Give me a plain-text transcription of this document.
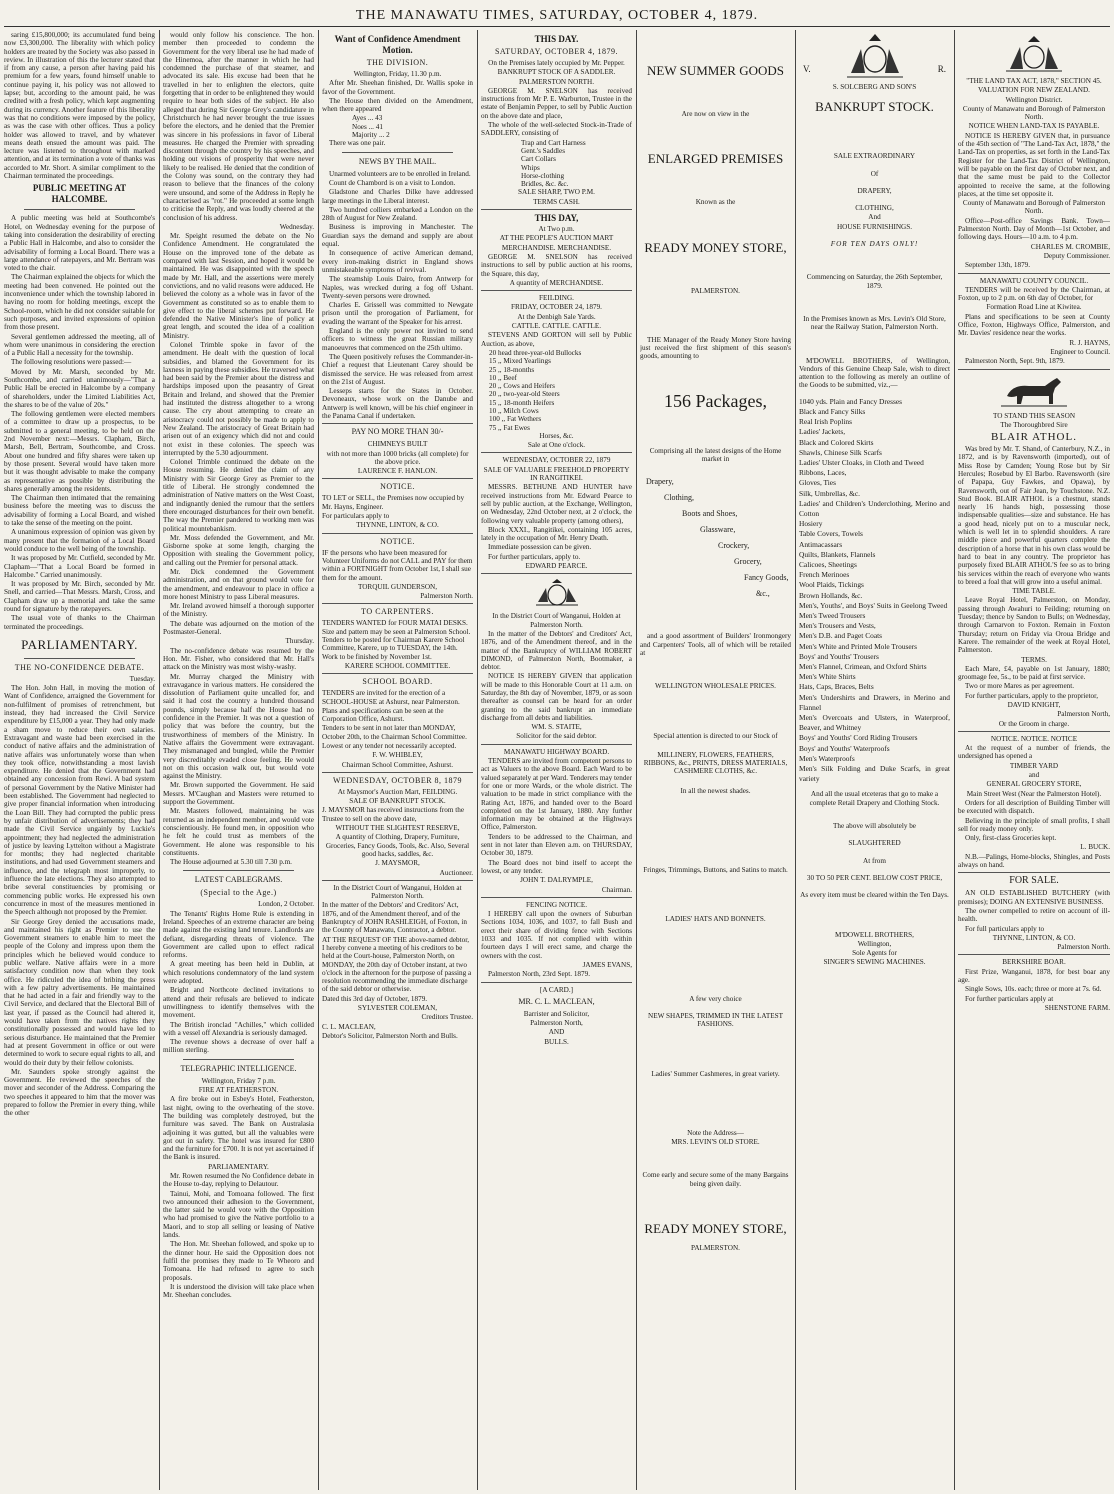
THE MANAWATU TIMES, SATURDAY, OCTOBER 4, 1879.

saring £15,800,000; its accumulated fund being now £3,300,000. The liberality with which policy holders are treated by the Society was also passed in review. In illustration of this the lecturer stated that if from any cause, a person after having paid his premium for a few years, found himself unable to continue paying it, his policy was not allowed to lapse; but, according to the amount paid, he was credited with a fresh policy, which kept augmenting during its currency. Another feature of this liberality was that no conditions were imposed by the policy, as was the case with other offices. Thus a policy holder was allowed to travel, and by whatever means death ensued the amount was paid. The lecture was listened to throughout with marked attention, and at its termination a vote of thanks was accorded to Mr. Short. A similar compliment to the Chairman terminated the proceedings.

PUBLIC MEETING AT HALCOMBE.

A public meeting was held at Southcombe's Hotel, on Wednesday evening for the purpose of taking into consideration the desirability of erecting a Public Hall in Halcombe, and also to consider the advisability of forming a Local Board. There was a large attendance of ratepayers, and Mr. Bertram was voted to the chair.

The Chairman explained the objects for which the meeting had been convened. He pointed out the inconvenience under which the township labored in having no room for holding meetings, except the School-room, which he did not consider suitable for such purposes, and invited expressions of opinion from those present.

Several gentlemen addressed the meeting, all of whom were unanimous in considering the erection of a Public Hall a necessity for the township.

The following resolutions were passed:—

Moved by Mr. Marsh, seconded by Mr. Southcombe, and carried unanimously—"That a Public Hall be erected in Halcombe by a company of shareholders, under the Limited Liabilities Act, the shares to be of the value of 20s."

The following gentlemen were elected members of a committee to draw up a prospectus, to be submitted to a general meeting, to be held on the 2nd November next:—Messrs. Clapham, Birch, Marsh, Bell, Bertram, Southcombe, and Cross. About one hundred and fifty shares were taken up by those present. Several would have taken more but it was thought advisable to make the company as representative as possible by distributing the shares generally among the residents.

The Chairman then intimated that the remaining business before the meeting was to discuss the advisability of forming a Local Board, and wished to take the sense of the meeting on the point.

A unanimous expression of opinion was given by many present that the formation of a Local Board would conduce to the well being of the township.

It was proposed by Mr. Cutfield, seconded by Mr. Clapham—"That a Local Board be formed in Halcombe." Carried unanimously.

It was proposed by Mr. Birch, seconded by Mr. Snell, and carried—That Messrs. Marsh, Cross, and Clapham draw up a memorial and take the same round for signature by the ratepayers.

The usual vote of thanks to the Chairman terminated the proceedings.

PARLIAMENTARY.
THE NO-CONFIDENCE DEBATE.

Tuesday.

The Hon. John Hall, in moving the motion of Want of Confidence, arraigned the Government for non-fulfilment of promises of retrenchment, but instead, they had increased the Civil Service expenditure by £15,000 a year. They had only made a sham move to reduce their own salaries. Extravagant and waste had been exercised in the conduct of native affairs and the administration of native affairs was unfortunately worse than when they took office, notwithstanding a most lavish expenditure. He denied that the Government had obtained any concession from Rewi. A bad system of personal Government by the Native Minister had been established. The Government had neglected to give proper financial information when introducing the Loan Bill. They had corrupted the public press by unfair distribution of advertisements; they had made the Civil Service ungainly by Luckie's appointment; they had neglected the administration of justice by leaving Lyttelton without a Magistrate for months; they had neglected charitable institutions, and had used Government steamers and influence, and the telegraph most improperly, to influence the late elections. They also attempted to bribe several constituencies by promising or commencing public works. He expressed his own concurrence in most of the measures mentioned in the Speech although not proposed by the Premier.

Sir George Grey denied the accusations made, and maintained his right as Premier to use the Government steamers to enable him to meet the people of the Colony and impress upon them the principles which he believed would conduce to public welfare. Native affairs were in a more satisfactory condition now than when they took office. He ridiculed the idea of bribing the press with a few paltry advertisements. He maintained that he had acted in a fair and friendly way to the Civil Service, and declared that the Electoral Bill of last year, if passed as the Council had altered it, would have taken from the natives rights they constitutionally possessed and would have led to serious disturbance. He maintained that the Premier had at present Government in office or out were determined to work to secure equal rights to all, and would do their duty by their fellow colonists.

Mr. Saunders spoke strongly against the Government. He reviewed the speeches of the mover and seconder of the Address. Comparing the two speeches it appeared to him that the mover was prepared to follow the Premier in every thing, while the other

would only follow his conscience. The hon. member then proceeded to condemn the Government for the very liberal use he had made of the Hinemoa, after the manner in which he had condemned the purchase of that steamer, and advocated its sale. His excuse had been that he travelled in her to enlighten the electors, quite forgetting that in order to be enlightened they would require to hear both sides of the subject. He also alleged that during Sir George Grey's candidature in Christchurch he had never brought the true issues before the electors, and he denied that the Premier was sincere in his professions in favor of Liberal measures. He charged the Premier with spreading discontent through the country by his speeches, and holding out visions of prosperity that were never likely to be realised. He denied that the condition of the Colony was sound, on the contrary they had reason to believe that the finances of the colony were unsound, and some of the Address in Reply he characterised as "rot." He proceeded at some length to criticise the Reply, and was loudly cheered at the conclusion of his address.

Wednesday.

Mr. Speight resumed the debate on the No Confidence Amendment. He congratulated the House on the improved tone of the debate as compared with last Session, and hoped it would be maintained. He was disappointed with the speech made by Mr. Hall, and the assertions were merely convictions, and no valid reasons were adduced. He believed the colony as a whole was in favor of the Government as constituted so as to enable them to give effect to the liberal schemes put forward. He defended the Native Minister's line of policy at great length, and scouted the idea of a coalition Ministry.

Colonel Trimble spoke in favor of the amendment. He dealt with the question of local subsidies, and blamed the Government for its laxness in paying these subsidies. He traversed what had been said by the Premier about the distress and hardships imposed upon the peasantry of Great Britain and Ireland, and showed that the Premier had instituted the distress altogether to a wrong cause. The cry about attempting to create an aristocracy could not possibly be made to apply to New Zealand. The aristocracy of Great Britain had arisen out of an exigency which did not and could not exist in these colonies. The speech was interrupted by the 5.30 adjournment.

Colonel Trimble continued the debate on the House resuming. He denied the claim of any Ministry with Sir George Grey as Premier to the title of Liberal. He strongly condemned the administration of Native matters on the West Coast, and indignantly denied the rumour that the settlers there encouraged disturbances for their own benefit. The way the Premier pandered to working men was political mountebankism.

Mr. Moss defended the Government, and Mr. Gisborne spoke at some length, charging the Opposition with stealing the Government policy, and calling out the Premier for personal attack.

Mr. Dick condemned the Government administration, and on that ground would vote for the amendment, and endeavour to place in office a more honest Ministry to pass Liberal measures.

Mr. Ireland avowed himself a thorough supporter of the Ministry.

The debate was adjourned on the motion of the Postmaster-General.

Thursday.

The no-confidence debate was resumed by the Hon. Mr. Fisher, who considered that Mr. Hall's attack on the Ministry was most wishy-washy.

Mr. Murray charged the Ministry with extravagance in various matters. He considered the dissolution of Parliament quite uncalled for, and said it had cost the country a hundred thousand pounds, simply because half the House had no confidence in the Premier. It was not a question of policy that was before the country, but the trustworthiness of members of the Ministry. In Native affairs the Government were extravagant. They mismanaged and bungled, while the Premier very discreditably evaded close feeling. He would not on this occasion walk out, but would vote against the Ministry.

Mr. Brown supported the Government. He said Messrs. M'Caughan and Masters were returned to support the Government.

Mr. Masters followed, maintaining he was returned as an independent member, and would vote conscientiously. He found men, in opposition who he felt he could trust as members of the Government. He alone was responsible to his constituents.

The House adjourned at 5.30 till 7.30 p.m.

LATEST CABLEGRAMS.
(Special to the Age.)

London, 2 October.

The Tenants' Rights Home Rule is extending in Ireland. Speeches of an extreme character are being made against the existing land tenure. Landlords are defiant, disregarding threats of violence. The Government are called upon to effect radical reforms.

A great meeting has been held in Dublin, at which resolutions condemnatory of the land system were adopted.

Bright and Northcote declined invitations to attend and their refusals are believed to indicate unwillingness to identify themselves with the movement.

The British ironclad "Achilles," which collided with a vessel off Alexandria is seriously damaged.

The revenue shows a decrease of over half a million sterling.

TELEGRAPHIC INTELLIGENCE.

Wellington, Friday 7 p.m.

FIRE AT FEATHERSTON.

A fire broke out in Esbey's Hotel, Featherston, last night, owing to the overheating of the stove. The building was completely destroyed, but the furniture was saved. The Bank on Australasia adjoining it was gutted, but all the valuables were got out in safety. The hotel was insured for £800 and the furniture for £700. It is not yet ascertained if the Bank is insured.

PARLIAMENTARY.

Mr. Rowen resumed the No Confidence debate in the House to-day, replying to Delautour.

Tainui, Mohi, and Tomoana followed. The first two announced their adhesion to the Government, the latter said he would vote with the Opposition who had promised to give the Native portfolio to a Maori, and to stop all selling or leasing of Native lands.

The Hon. Mr. Sheehan followed, and spoke up to the dinner hour. He said the Opposition does not fulfil the promises they made to Te Wheoro and Tomoana. He had refused to agree to such proposals.

It is understood the division will take place when Mr. Sheehan concludes.

Want of Confidence Amendment Motion.
THE DIVISION.

Wellington, Friday, 11.30 p.m.

After Mr. Sheehan finished, Dr. Wallis spoke in favor of the Government.

The House then divided on the Amendment, when there appeared

Ayes ... 43
Noes ... 41
Majority ... 2

There was one pair.

NEWS BY THE MAIL.

Unarmed volunteers are to be enrolled in Ireland.

Count de Chambord is on a visit to London.

Gladstone and Charles Dilke have addressed large meetings in the Liberal interest.

Two hundred colliers embarked a London on the 28th of August for New Zealand.

Business is improving in Manchester. The Guardian says the demand and supply are about equal.

In consequence of active American demand, every iron-making district in England shows unmistakeable symptoms of revival.

The steamship Louis Dairo, from Antwerp for Naples, was wrecked during a fog off Ushant. Twenty-seven persons were drowned.

Charles E. Grissell was committed to Newgate prison until the prorogation of Parliament, for evading the warrant of the Speaker for his arrest.

England is the only power not invited to send officers to witness the great Russian military manoeuvres that commenced on the 25th ultimo.

The Queen positively refuses the Commander-in-Chief a request that Lieutenant Carey should be dismissed the service. He was released from arrest on the 21st of August.

Lesseps starts for the States in October. Devoneaux, whose work on the Danube and Antwerp is well known, will be his chief engineer in the Panama Canal if undertaken.

PAY NO MORE THAN 30/-

CHIMNEYS BUILT

with not more than 1000 bricks (all complete) for the above price.

LAURENCE F. HANLON.

NOTICE.

TO LET or SELL, the Premises now occupied by Mr. Hayns, Engineer.

For particulars apply to

THYNNE, LINTON, & CO.

NOTICE.

IF the persons who have been measured for Volunteer Uniforms do not CALL and PAY for them within a FORTNIGHT from October 1st, I shall sue them for the amount.

TORQUIL GUNDERSON,

Palmerston North.

TO CARPENTERS.

TENDERS WANTED for FOUR MATAI DESKS. Size and pattern may be seen at Palmerston School. Tenders to be posted for Chairman Karere School Committee, Karere, up to TUESDAY, the 14th. Work to be finished by November 1st.

KARERE SCHOOL COMMITTEE.

SCHOOL BOARD.

TENDERS are invited for the erection of a SCHOOL-HOUSE at Ashurst, near Palmerston.

Plans and specifications can be seen at the Corporation Office, Ashurst.

Tenders to be sent in not later than MONDAY, October 20th, to the Chairman School Committee.

Lowest or any tender not necessarily accepted.

F. W. WHIBLEY,

Chairman School Committee, Ashurst.

WEDNESDAY, OCTOBER 8, 1879

At Maysmor's Auction Mart, FEILDING.

SALE OF BANKRUPT STOCK.

J. MAYSMOR has received instructions from the Trustee to sell on the above date,

WITHOUT THE SLIGHTEST RESERVE,

A quantity of Clothing, Drapery, Furniture, Groceries, Fancy Goods, Tools, &c. Also, Several good hacks, saddles, &c.

J. MAYSMOR,

Auctioneer.

In the District Court of Wanganui, Holden at Palmerston North.

In the matter of the Debtors' and Creditors' Act, 1876, and of the Amendment thereof, and of the Bankruptcy of JOHN RASHLEIGH, of Foxton, in the County of Manawatu, Contractor, a debtor.

AT THE REQUEST OF THE above-named debtor, I hereby convene a meeting of his creditors to be held at the Court-house, Palmerston North, on MONDAY, the 20th day of October instant, at two o'clock in the afternoon for the purpose of passing a resolution recommending the immediate discharge of the said debtor or otherwise.

Dated this 3rd day of October, 1879.

SYLVESTER COLEMAN,

Creditors Trustee.

C. L. MACLEAN,

Debtor's Solicitor, Palmerston North and Bulls.

THIS DAY.
SATURDAY, OCTOBER 4, 1879.

On the Premises lately occupied by Mr. Pepper.

BANKRUPT STOCK OF A SADDLER.

PALMERSTON NORTH.

GEORGE M. SNELSON has received instructions from Mr P. E. Warburton, Trustee in the estate of Benjamin Pepper, to sell by Public Auction on the above date and place,

The whole of the well-selected Stock-in-Trade of SADDLERY, consisting of

Trap and Cart Harness
Gent.'s Saddles
Cart Collars
Whips
Horse-clothing
Bridles, &c. &c.

SALE SHARP, TWO P.M.

TERMS CASH.

THIS DAY,

At Two p.m.

AT THE PEOPLE'S AUCTION MART

MERCHANDISE. MERCHANDISE.

GEORGE M. SNELSON has received instructions to sell by public auction at his rooms, the Square, this day,

A quantity of MERCHANDISE.

FEILDING.

FRIDAY, OCTOBER 24, 1879.

At the Denbigh Sale Yards.

CATTLE. CATTLE. CATTLE.

STEVENS AND GORTON will sell by Public Auction, as above,

20 head three-year-old Bullocks
15 ,, Mixed Yearlings
25 ,, 18-months
10 ,, Beef
20 ,, Cows and Heifers
20 ,, two-year-old Steers
15 ,, 18-month Heifers
10 ,, Milch Cows
100 ,, Fat Wethers
75 ,, Fat Ewes

Horses, &c.

Sale at One o'clock.

WEDNESDAY, OCTOBER 22, 1879

SALE OF VALUABLE FREEHOLD PROPERTY IN RANGITIKEI.

MESSRS. BETHUNE AND HUNTER have received instructions from Mr. Edward Pearce to sell by public auction, at the Exchange, Wellington, on Wednesday, 22nd October next, at 2 o'clock, the following very valuable property (among others),

Block XXXI., Rangitikei, containing 105 acres, lately in the occupation of Mr. Henry Death.

Immediate possession can be given.

For further particulars, apply to.

EDWARD PEARCE.

In the District Court of Wanganui, Holden at Palmerston North.

In the matter of the Debtors' and Creditors' Act, 1876, and of the Amendment thereof, and in the matter of the Bankruptcy of WILLIAM ROBERT DIMOND, of Palmerston North, Bootmaker, a debtor.

NOTICE IS HEREBY GIVEN that application will be made to this Honorable Court at 11 a.m. on Saturday, the 8th day of November, 1879, or as soon thereafter as counsel can be heard for an order granting to the said bankrupt an immediate discharge from all debts and liabilities.

WM. S. STAITE,

Solicitor for the said debtor.

MANAWATU HIGHWAY BOARD.

TENDERS are invited from competent persons to act as Valuers to the above Board. Each Ward to be valued separately at per Ward. Tenderers may tender for one or more Wards, or the whole district. The valuation to be made in strict compliance with the Rating Act, 1876, and handed over to the Board completed on the 1st January, 1880. Any further information may be obtained at the Highways Office, Palmerston.

Tenders to be addressed to the Chairman, and sent in not later than Eleven a.m. on THURSDAY, October 30, 1879.

The Board does not bind itself to accept the lowest, or any tender.

JOHN T. DALRYMPLE,

Chairman.

FENCING NOTICE.

I HEREBY call upon the owners of Suburban Sections 1034, 1036, and 1037, to fall Bush and erect their share of dividing fence with Sections 1033 and 1035. If not complied with within fourteen days I will erect same, and charge the owners with the cost.

JAMES EVANS,

Palmerston North, 23rd Sept. 1879.

[A CARD.]

MR. C. L. MACLEAN,

Barrister and Solicitor,

Palmerston North,

AND

BULLS.

NEW SUMMER GOODS

Are now on view in the

ENLARGED PREMISES

Known as the

READY MONEY STORE,

PALMERSTON.

THE Manager of the Ready Money Store having just received the first shipment of this season's goods, amounting to

156 Packages,

Comprising all the latest designs of the Home market in

Drapery,
Clothing,
Boots and Shoes,
Glassware,
Crockery,
Grocery,
Fancy Goods,
&c.,

and a good assortment of Builders' Ironmongery and Carpenters' Tools, all of which will be retailed at

WELLINGTON WHOLESALE PRICES.

Special attention is directed to our Stock of

MILLINERY, FLOWERS, FEATHERS, RIBBONS, &c., PRINTS, DRESS MATERIALS, CASHMERE CLOTHS, &c.

In all the newest shades.

Fringes, Trimmings, Buttons, and Satins to match.

LADIES' HATS AND BONNETS.

A few very choice

NEW SHAPES, TRIMMED IN THE LATEST FASHIONS.

Ladies' Summer Cashmeres, in great variety.

Note the Address—

MRS. LEVIN'S OLD STORE.

Come early and secure some of the many Bargains being given daily.

READY MONEY STORE,

PALMERSTON.

V.	R.

S. SOLCBERG AND SON'S

BANKRUPT STOCK.

SALE EXTRAORDINARY

Of

DRAPERY,

CLOTHING,

And

HOUSE FURNISHINGS.

FOR TEN DAYS ONLY!

Commencing on Saturday, the 26th September, 1879.

In the Premises known as Mrs. Levin's Old Store, near the Railway Station, Palmerston North.

M'DOWELL BROTHERS, of Wellington, Vendors of this Genuine Cheap Sale, wish to direct attention to the following as merely an outline of the Goods to be submitted, viz.,—

1040 yds. Plain and Fancy Dresses
Black and Fancy Silks
Real Irish Poplins
Ladies' Jackets,
Black and Colored Skirts
Shawls, Chinese Silk Scarfs
Ladies' Ulster Cloaks, in Cloth and Tweed
Ribbons, Laces,
Gloves, Ties
Silk, Umbrellas, &c.
Ladies' and Children's Underclothing, Merino and Cotton
Hosiery
Table Covers, Towels
Antimacassars
Quilts, Blankets, Flannels
Calicoes, Sheetings
French Merinoes
Wool Plaids, Tickings
Brown Hollands, &c.
Men's, Youths', and Boys' Suits in Geelong Tweed
Men's Tweed Trousers
Men's Trousers and Vests,
Men's D.B. and Paget Coats
Men's White and Printed Mole Trousers
Boys' and Youths' Trousers
Men's Flannel, Crimean, and Oxford Shirts
Men's White Shirts
Hats, Caps, Braces, Belts
Men's Undershirts and Drawers, in Merino and Flannel
Men's Overcoats and Ulsters, in Waterproof, Beaver, and Whitney
Boys' and Youths' Cord Riding Trousers
Boys' and Youths' Waterproofs
Men's Waterproofs
Men's Silk Folding and Duke Scarfs, in great variety

And all the usual etceteras that go to make a complete Retail Drapery and Clothing Stock.

The above will absolutely be

SLAUGHTERED

At from

30 TO 50 PER CENT. BELOW COST PRICE,

As every item must be cleared within the Ten Days.

M'DOWELL BROTHERS,

Wellington,

Sole Agents for

SINGER'S SEWING MACHINES.

"THE LAND TAX ACT, 1878," SECTION 45.

VALUATION FOR NEW ZEALAND.

Wellington District.

County of Manawatu and Borough of Palmerston North.

NOTICE WHEN LAND-TAX IS PAYABLE.

NOTICE IS HEREBY GIVEN that, in pursuance of the 45th section of "The Land-Tax Act, 1878," the Land-Tax on properties, as set forth in the Land-Tax Register for the Land-Tax District of Wellington, will be payable on the first day of October next, and that the same must be paid to the Collector appointed to receive the same, at the following places, at the time set opposite it.

County of Manawatu and Borough of Palmerston North.

Office—Post-office Savings Bank. Town—Palmerston North. Day of Month—1st October, and following days. Hours—10 a.m. to 4 p.m.

CHARLES M. CROMBIE,

Deputy Commissioner.

September 13th, 1879.

MANAWATU COUNTY COUNCIL.

TENDERS will be received by the Chairman, at Foxton, up to 2 p.m. on 6th day of October, for

Formation Road Line at Kiwitea.

Plans and specifications to be seen at County Office, Foxton, Highways Office, Palmerston, and Mr. Davies' residence near the works.

R. J. HAYNS,

Engineer to Council.

Palmerston North, Sept. 9th, 1879.

TO STAND THIS SEASON

The Thoroughbred Sire

BLAIR ATHOL.

Was bred by Mr. T. Shand, of Canterbury, N.Z., in 1872, and is by Ravensworth (imported), out of Miss Rose by Camden; Young Rose but by Sir Hercules; Rosebud by El Barbo. Ravensworth (sire of Papapa, Guy Fawkes, and Opawa), by Ravensworth, out of Fair Jean, by Touchstone. N.Z. Stud Book. BLAIR ATHOL is a chestnut, stands nearly 16 hands high, possessing those indispensable qualities—size and substance. He has a good head, nicely put on to a muscular neck, which is well let in to splendid shoulders. A rare middle piece and powerful quarters complete the description of a horse that in his own class would be hard to beat in any country. The proprietor has purposely fixed BLAIR ATHOL'S fee so as to bring his services within the reach of everyone who wants to breed a foal that will grow into a useful animal.

TIME TABLE.

Leave Royal Hotel, Palmerston, on Monday, passing through Awahuri to Feilding; returning on Tuesday; thence by Sandon to Bulls; on Wednesday, through Carnarvon to Foxton. Remain in Foxton Thursday; return on Friday via Oroua Bridge and Karere. The remainder of the week at Royal Hotel, Palmerston.

TERMS.

Each Mare, £4, payable on 1st January, 1880; groomage fee, 5s., to be paid at first service.

Two or more Mares as per agreement.

For further particulars, apply to the proprietor,

DAVID KNIGHT,

Palmerston North,

Or the Groom in charge.

NOTICE. NOTICE. NOTICE

At the request of a number of friends, the undersigned has opened a

TIMBER YARD

and

GENERAL GROCERY STORE,

Main Street West (Near the Palmerston Hotel).

Orders for all description of Building Timber will be executed with dispatch.

Believing in the principle of small profits, I shall sell for ready money only.

Only, first-class Groceries kept.

L. BUCK.

N.B.—Palings, Home-blocks, Shingles, and Posts always on hand.

FOR SALE.

AN OLD ESTABLISHED BUTCHERY (with premises); DOING AN EXTENSIVE BUSINESS.

The owner compelled to retire on account of ill-health.

For full particulars apply to

THYNNE, LINTON, & CO.

Palmerston North.

BERKSHIRE BOAR.

First Prize, Wanganui, 1878, for best boar any age.

Single Sows, 10s. each; three or more at 7s. 6d.

For further particulars apply at

SHENSTONE FARM.
